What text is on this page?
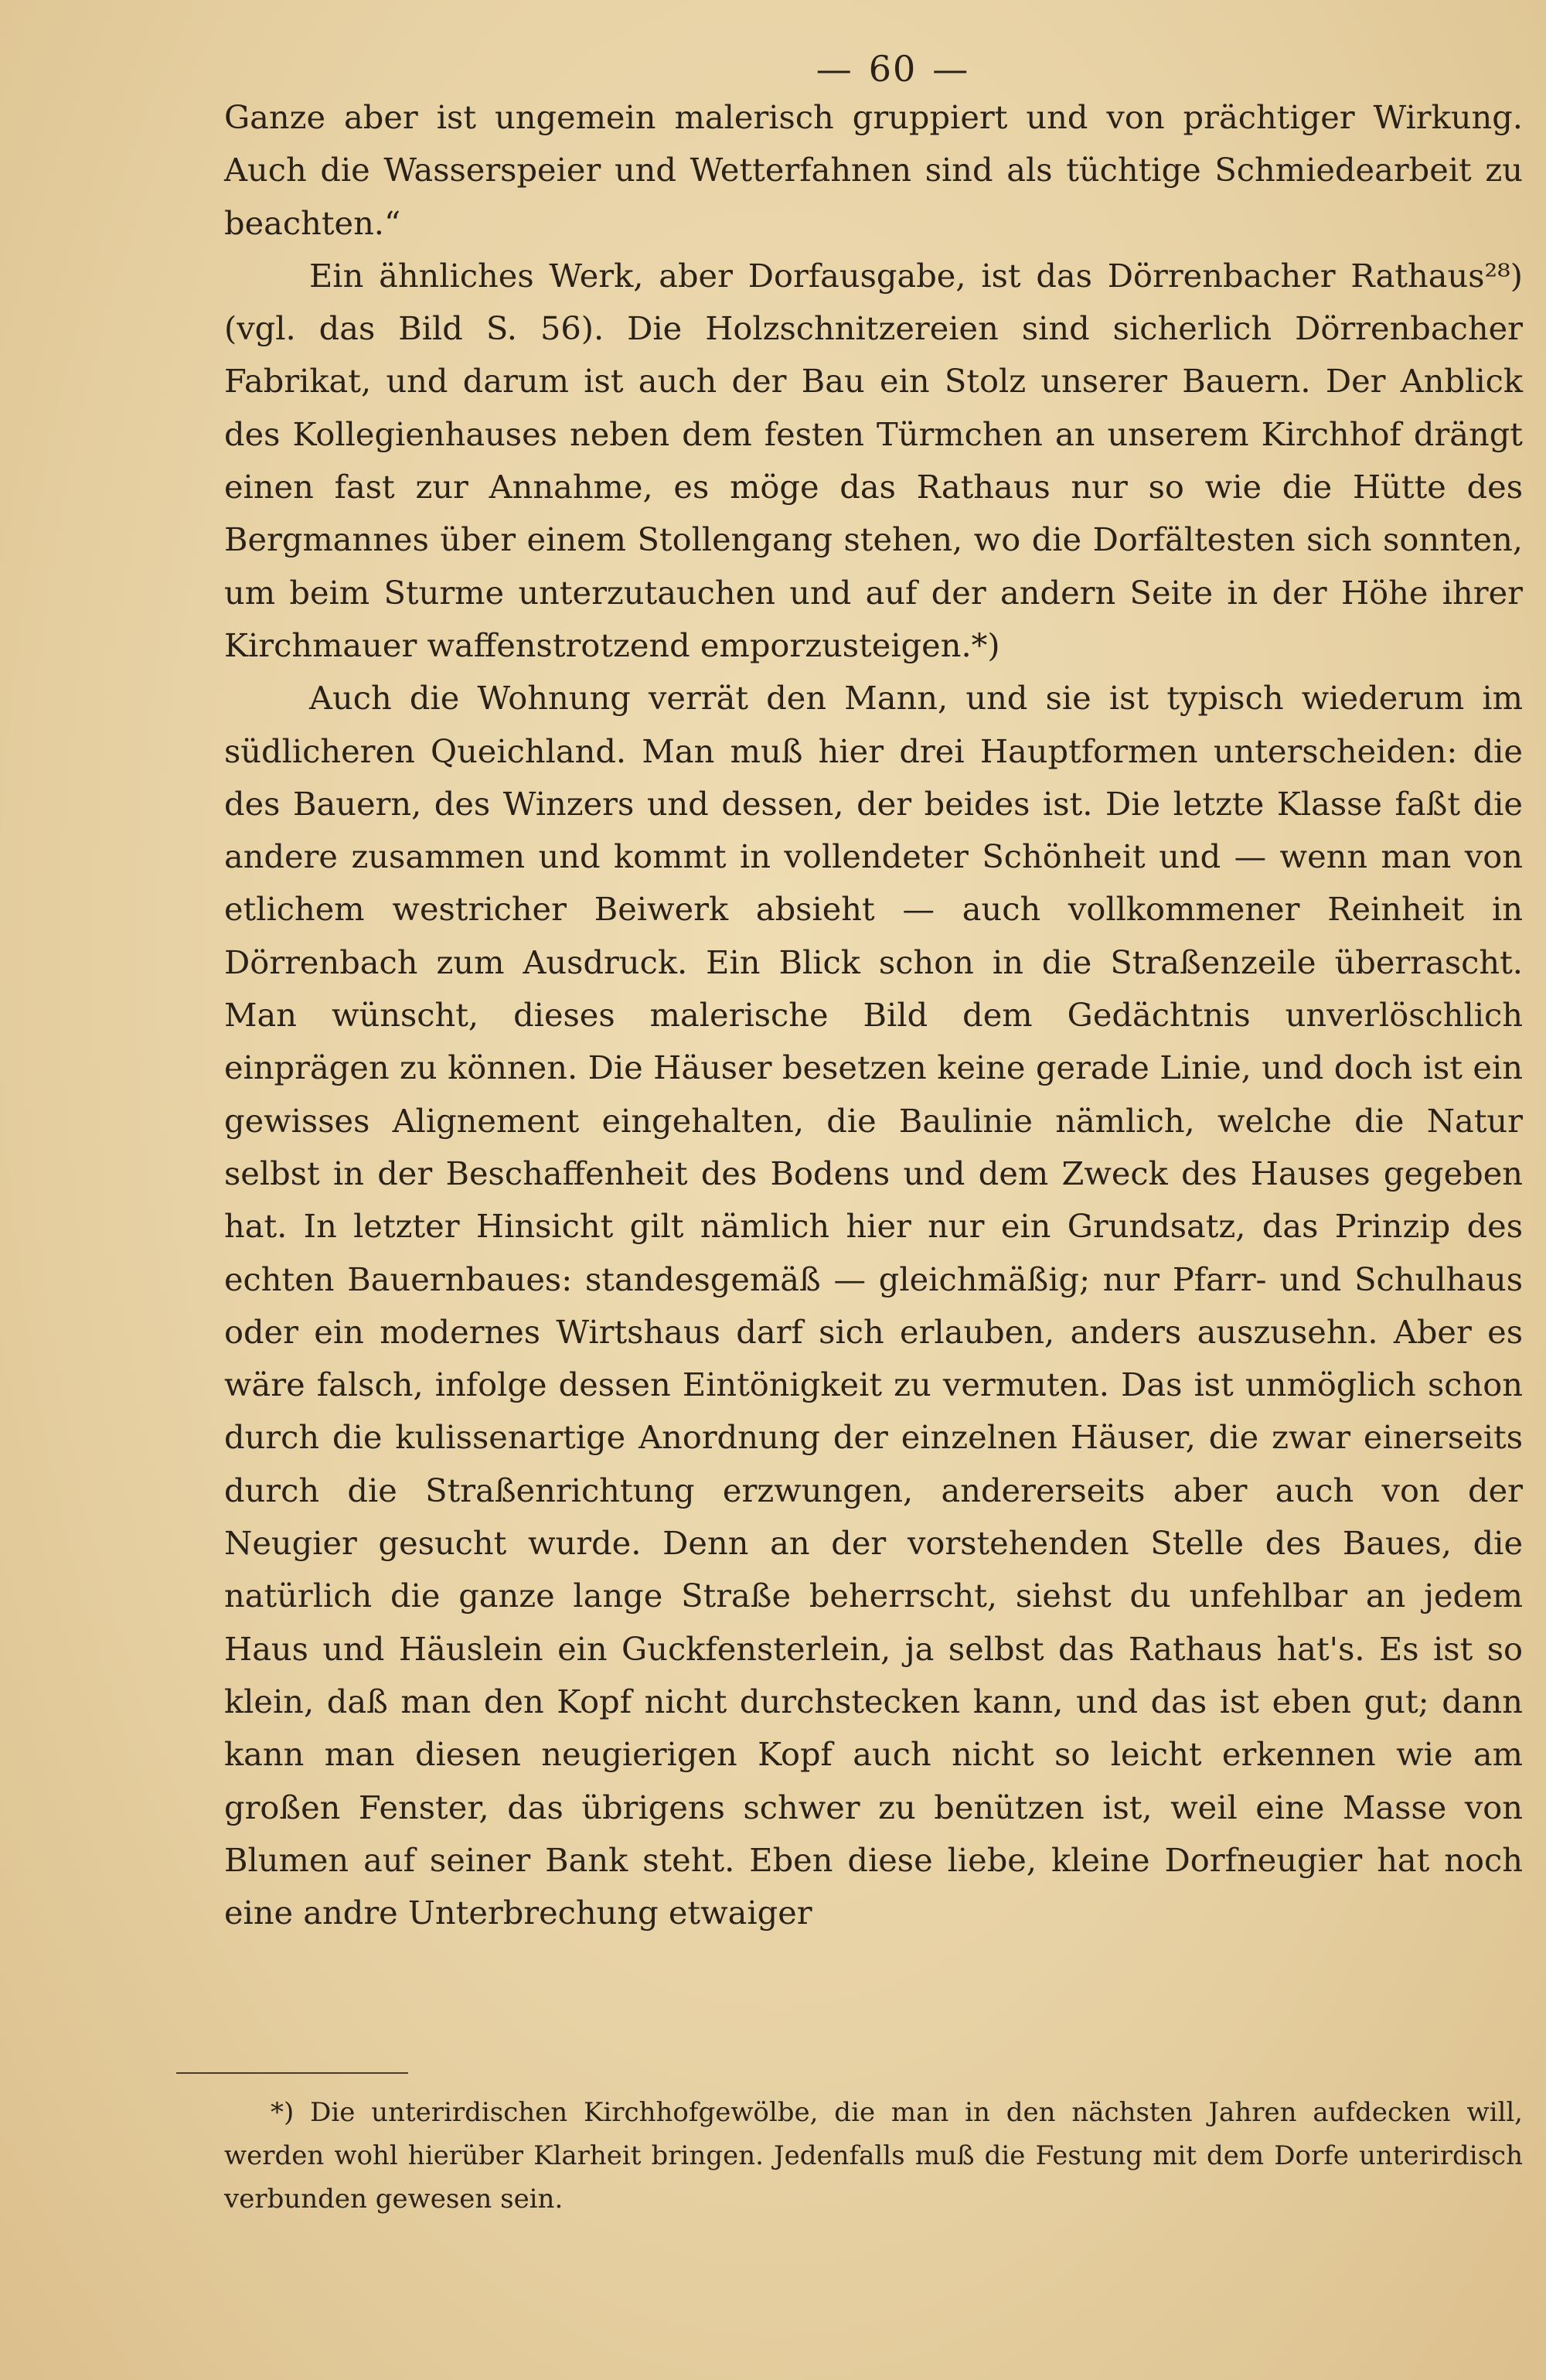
— 60 —

Ganze aber ist ungemein malerisch gruppiert und von prächtiger Wirkung. Auch die Wasserspeier und Wetterfahnen sind als tüchtige Schmiedearbeit zu beachten.“

Ein ähnliches Werk, aber Dorfausgabe, ist das Dörrenbacher Rathaus²⁸) (vgl. das Bild S. 56). Die Holzschnitzereien sind sicherlich Dörrenbacher Fabrikat, und darum ist auch der Bau ein Stolz unserer Bauern. Der Anblick des Kollegienhauses neben dem festen Türmchen an unserem Kirchhof drängt einen fast zur Annahme, es möge das Rathaus nur so wie die Hütte des Bergmannes über einem Stollengang stehen, wo die Dorfältesten sich sonnten, um beim Sturme unterzutauchen und auf der andern Seite in der Höhe ihrer Kirchmauer waffenstrotzend emporzusteigen.*)

Auch die Wohnung verrät den Mann, und sie ist typisch wiederum im südlicheren Queichland. Man muß hier drei Hauptformen unterscheiden: die des Bauern, des Winzers und dessen, der beides ist. Die letzte Klasse faßt die andere zusammen und kommt in vollendeter Schönheit und — wenn man von etlichem westricher Beiwerk absieht — auch vollkommener Reinheit in Dörrenbach zum Ausdruck. Ein Blick schon in die Straßenzeile überrascht. Man wünscht, dieses malerische Bild dem Gedächtnis unverlöschlich einprägen zu können. Die Häuser besetzen keine gerade Linie, und doch ist ein gewisses Alignement eingehalten, die Baulinie nämlich, welche die Natur selbst in der Beschaffenheit des Bodens und dem Zweck des Hauses gegeben hat. In letzter Hinsicht gilt nämlich hier nur ein Grundsatz, das Prinzip des echten Bauernbaues: standesgemäß — gleichmäßig; nur Pfarr- und Schulhaus oder ein modernes Wirtshaus darf sich erlauben, anders auszusehn. Aber es wäre falsch, infolge dessen Eintönigkeit zu vermuten. Das ist unmöglich schon durch die kulissenartige Anordnung der einzelnen Häuser, die zwar einerseits durch die Straßenrichtung erzwungen, andererseits aber auch von der Neugier gesucht wurde. Denn an der vorstehenden Stelle des Baues, die natürlich die ganze lange Straße beherrscht, siehst du unfehlbar an jedem Haus und Häuslein ein Guckfensterlein, ja selbst das Rathaus hat's. Es ist so klein, daß man den Kopf nicht durchstecken kann, und das ist eben gut; dann kann man diesen neugierigen Kopf auch nicht so leicht erkennen wie am großen Fenster, das übrigens schwer zu benützen ist, weil eine Masse von Blumen auf seiner Bank steht. Eben diese liebe, kleine Dorfneugier hat noch eine andre Unterbrechung etwaiger

*) Die unterirdischen Kirchhofgewölbe, die man in den nächsten Jahren aufdecken will, werden wohl hierüber Klarheit bringen. Jedenfalls muß die Festung mit dem Dorfe unterirdisch verbunden gewesen sein.
